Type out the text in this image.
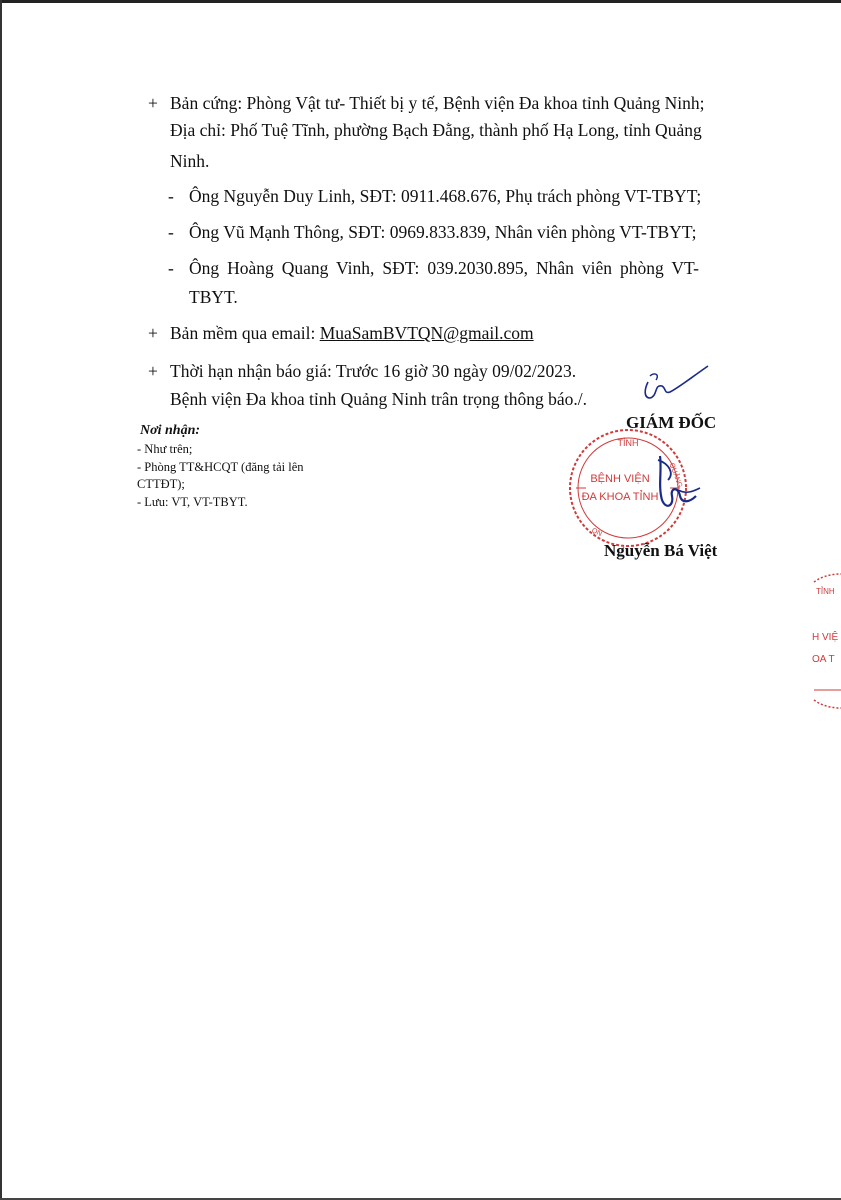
+ Bản cứng: Phòng Vật tư- Thiết bị y tế, Bệnh viện Đa khoa tỉnh Quảng Ninh;
Địa chỉ: Phố Tuệ Tĩnh, phường Bạch Đằng, thành phố Hạ Long, tỉnh Quảng
Ninh.
- Ông Nguyễn Duy Linh, SĐT: 0911.468.676, Phụ trách phòng VT-TBYT;
- Ông Vũ Mạnh Thông, SĐT: 0969.833.839, Nhân viên phòng VT-TBYT;
- Ông Hoàng Quang Vinh, SĐT: 039.2030.895, Nhân viên phòng VT-
TBYT.
+ Bản mềm qua email: MuaSamBVTQN@gmail.com
+ Thời hạn nhận báo giá: Trước 16 giờ 30 ngày 09/02/2023.
Bệnh viện Đa khoa tỉnh Quảng Ninh trân trọng thông báo./.
Nơi nhận:
- Như trên;
- Phòng TT&HCQT (đăng tải lên
CTTĐT);
- Lưu: VT, VT-TBYT.
GIÁM ĐỐC
TỈNH
QUẢNG
BỆNH VIỆN
ĐA KHOA TỈNH
QN
Nguyễn Bá Việt
TỈNH
H VIỆ
OA T
